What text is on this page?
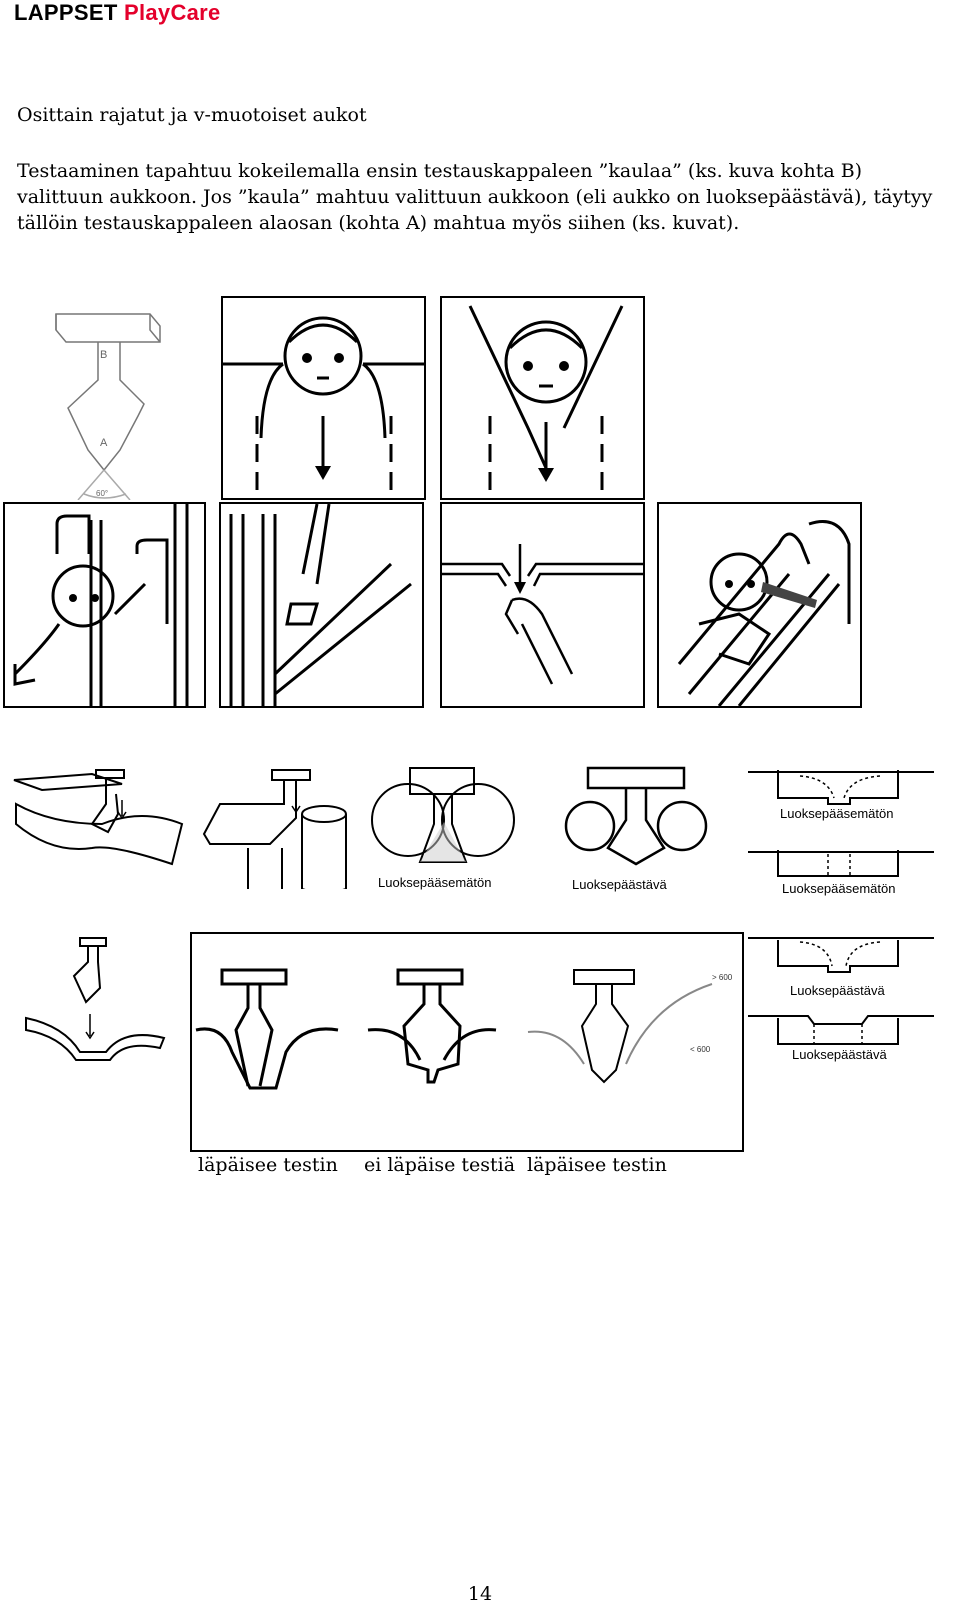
LAPPSET PlayCare
Osittain rajatut ja v-muotoiset aukot

Testaaminen tapahtuu kokeilemalla ensin testauskappaleen ”kaulaa” (ks. kuva kohta B) valittuun aukkoon. Jos ”kaula” mahtuu valittuun aukkoon (eli aukko on luoksepäästävä), täytyy tällöin testauskappaleen alaosan (kohta A) mahtua myös siihen (ks. kuvat).

B
A
60°
Luoksepääsemätön	Luoksepäästävä
Luoksepääsemätön
Luoksepääsemätön
> 600
< 600
läpäisee testin ei läpäise testiä läpäisee testin
Luoksepäästävä
Luoksepäästävä
14
